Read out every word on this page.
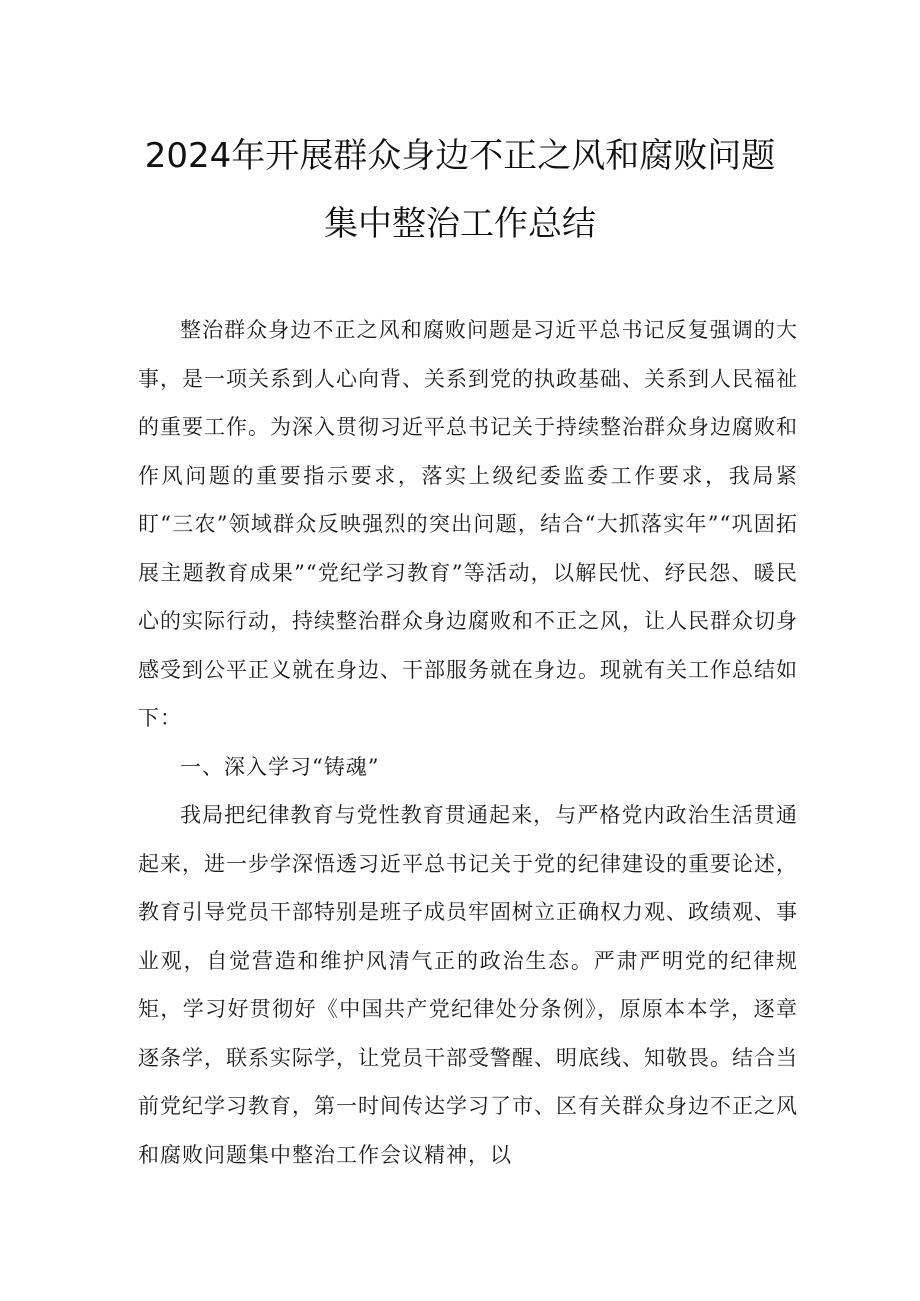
2024年开展群众身边不正之风和腐败问题
集中整治工作总结

整治群众身边不正之风和腐败问题是习近平总书记反复强调的大事，是一项关系到人心向背、关系到党的执政基础、关系到人民福祉的重要工作。为深入贯彻习近平总书记关于持续整治群众身边腐败和作风问题的重要指示要求，落实上级纪委监委工作要求，我局紧盯“三农”领域群众反映强烈的突出问题，结合“大抓落实年”“巩固拓展主题教育成果”“党纪学习教育”等活动，以解民忧、纾民怨、暖民心的实际行动，持续整治群众身边腐败和不正之风，让人民群众切身感受到公平正义就在身边、干部服务就在身边。现就有关工作总结如下：

一、深入学习“铸魂”

我局把纪律教育与党性教育贯通起来，与严格党内政治生活贯通起来，进一步学深悟透习近平总书记关于党的纪律建设的重要论述，教育引导党员干部特别是班子成员牢固树立正确权力观、政绩观、事业观，自觉营造和维护风清气正的政治生态。严肃严明党的纪律规矩，学习好贯彻好《中国共产党纪律处分条例》，原原本本学，逐章逐条学，联系实际学，让党员干部受警醒、明底线、知敬畏。结合当前党纪学习教育，第一时间传达学习了市、区有关群众身边不正之风和腐败问题集中整治工作会议精神，以
